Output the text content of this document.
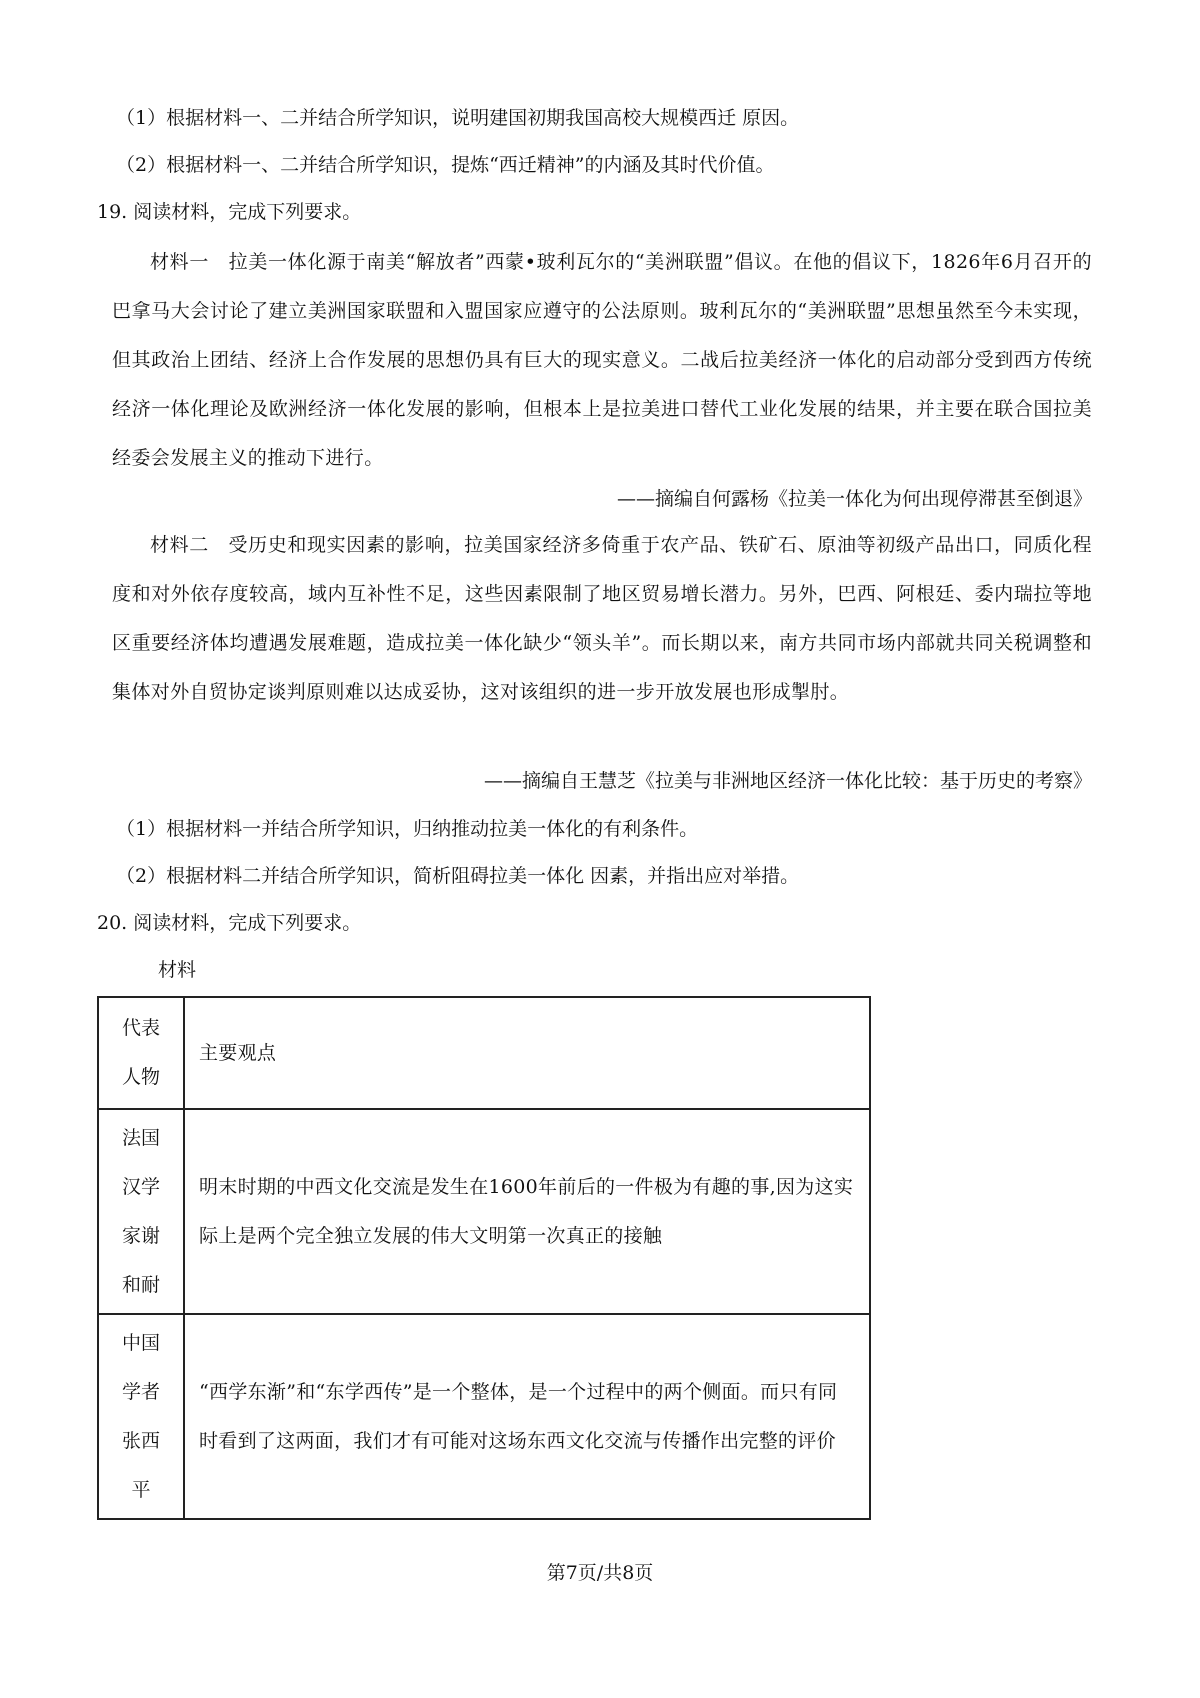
（1）根据材料一、二并结合所学知识，说明建国初期我国高校大规模西迁 原因。
（2）根据材料一、二并结合所学知识，提炼“西迁精神”的内涵及其时代价值。
19. 阅读材料，完成下列要求。
材料一　拉美一体化源于南美“解放者”西蒙•玻利瓦尔的“美洲联盟”倡议。在他的倡议下，1826年6月召开的巴拿马大会讨论了建立美洲国家联盟和入盟国家应遵守的公法原则。玻利瓦尔的“美洲联盟”思想虽然至今未实现，但其政治上团结、经济上合作发展的思想仍具有巨大的现实意义。二战后拉美经济一体化的启动部分受到西方传统经济一体化理论及欧洲经济一体化发展的影响，但根本上是拉美进口替代工业化发展的结果，并主要在联合国拉美经委会发展主义的推动下进行。
——摘编自何露杨《拉美一体化为何出现停滞甚至倒退》
材料二　受历史和现实因素的影响，拉美国家经济多倚重于农产品、铁矿石、原油等初级产品出口，同质化程度和对外依存度较高，域内互补性不足，这些因素限制了地区贸易增长潜力。另外，巴西、阿根廷、委内瑞拉等地区重要经济体均遭遇发展难题，造成拉美一体化缺少“领头羊”。而长期以来，南方共同市场内部就共同关税调整和集体对外自贸协定谈判原则难以达成妥协，这对该组织的进一步开放发展也形成掣肘。
——摘编自王慧芝《拉美与非洲地区经济一体化比较：基于历史的考察》
（1）根据材料一并结合所学知识，归纳推动拉美一体化的有利条件。
（2）根据材料二并结合所学知识，简析阻碍拉美一体化 因素，并指出应对举措。
20. 阅读材料，完成下列要求。
材料
代表人物	主要观点

法国汉学家谢和耐	明末时期的中西文化交流是发生在1600年前后的一件极为有趣的事,因为这实际上是两个完全独立发展的伟大文明第一次真正的接触

中国学者张西平	“西学东渐”和“东学西传”是一个整体，是一个过程中的两个侧面。而只有同时看到了这两面，我们才有可能对这场东西文化交流与传播作出完整的评价
第7页/共8页
